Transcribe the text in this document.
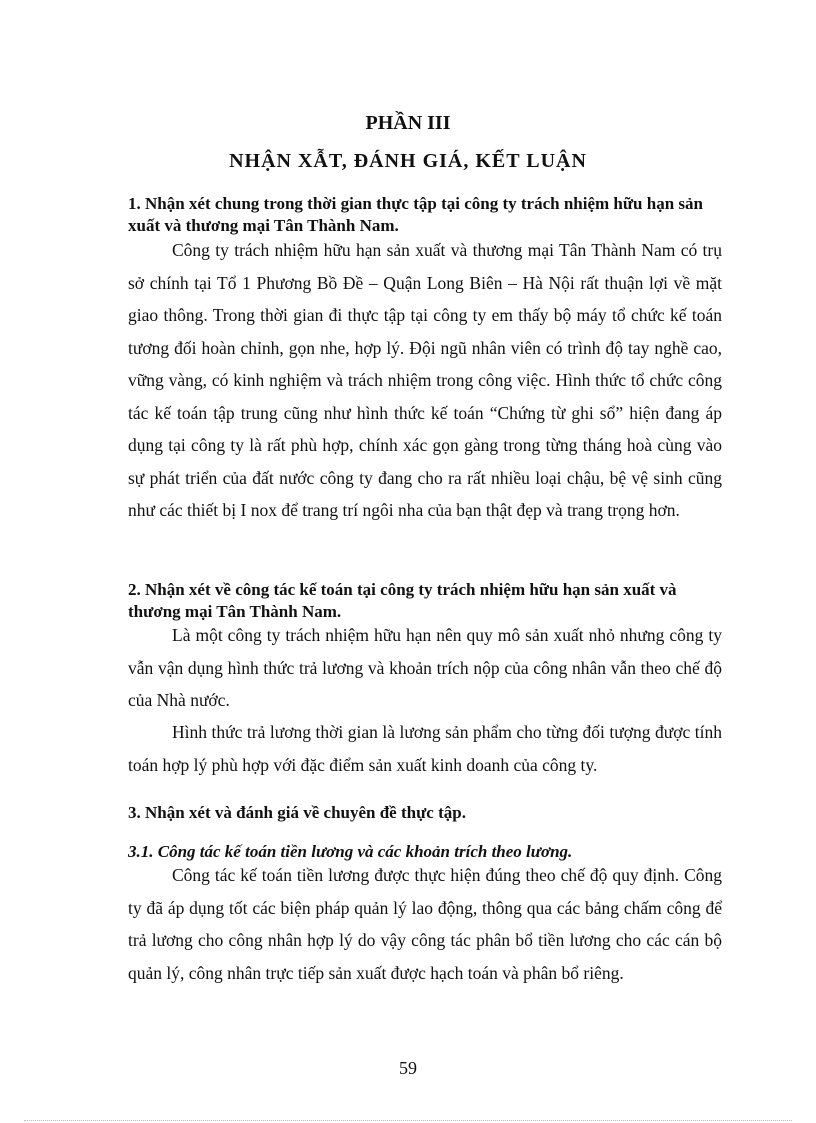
PHẦN III
NHẬN XẪT, ĐÁNH GIÁ, KẾT LUẬN
1. Nhận xét chung trong thời gian thực tập tại công ty trách nhiệm hữu hạn sản xuất và thương mại Tân Thành Nam.
Công ty trách nhiệm hữu hạn sản xuất và thương mại Tân Thành Nam có trụ sở chính tại Tổ 1 Phương Bồ Đề – Quận Long Biên – Hà Nội rất thuận lợi về mặt giao thông. Trong thời gian đi thực tập tại công ty em thấy bộ máy tổ chức kế toán tương đối hoàn chỉnh, gọn nhe, hợp lý. Đội ngũ nhân viên có trình độ tay nghề cao, vững vàng, có kinh nghiệm và trách nhiệm trong công việc. Hình thức tổ chức công tác kế toán tập trung cũng như hình thức kế toán “Chứng từ ghi sổ” hiện đang áp dụng tại công ty là rất phù hợp, chính xác gọn gàng trong từng tháng hoà cùng vào sự phát triển của đất nước công ty đang cho ra rất nhiều loại chậu, bệ vệ sinh cũng như các thiết bị I nox để trang trí ngôi nha của bạn thật đẹp và trang trọng hơn.
2. Nhận xét về công tác kế toán tại công ty trách nhiệm hữu hạn sản xuất và thương mại Tân Thành Nam.
Là một công ty trách nhiệm hữu hạn nên quy mô sản xuất nhỏ nhưng công ty vẫn vận dụng hình thức trả lương và khoản trích nộp của công nhân vẫn theo chế độ của Nhà nước.
Hình thức trả lương thời gian là lương sản phẩm cho từng đối tượng được tính toán hợp lý phù hợp với đặc điểm sản xuất kinh doanh của công ty.
3. Nhận xét và đánh giá về chuyên đề thực tập.
3.1. Công tác kế toán tiền lương và các khoản trích theo lương.
Công tác kế toán tiền lương được thực hiện đúng theo chế độ quy định. Công ty đã áp dụng tốt các biện pháp quản lý lao động, thông qua các bảng chấm công để trả lương cho công nhân hợp lý do vậy công tác phân bổ tiền lương cho các cán bộ quản lý, công nhân trực tiếp sản xuất được hạch toán và phân bổ riêng.
59
